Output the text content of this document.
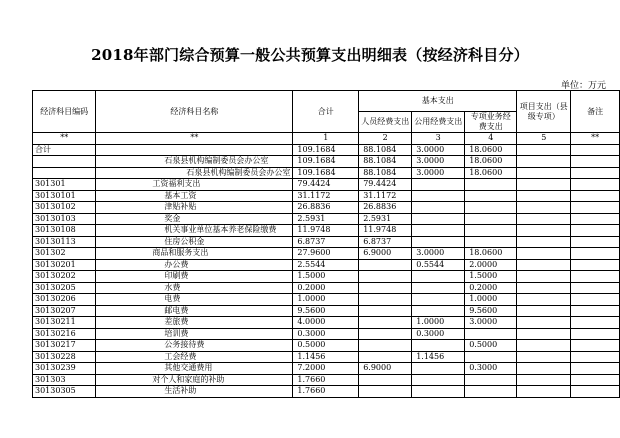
2018年部门综合预算一般公共预算支出明细表（按经济科目分）
单位：万元
经济科目编码	经济科目名称	合计	基本支出			项目支出（县级专项）	备注
			人员经费支出	公用经费支出	专项业务经费支出		
**	**	1	2	3	4	5	**
合计		109.1684	88.1084	3.0000	18.0600		
	石泉县机构编制委员会办公室	109.1684	88.1084	3.0000	18.0600		
	石泉县机构编制委员会办公室	109.1684	88.1084	3.0000	18.0600		
301301	工资福利支出	79.4424	79.4424				
30130101	基本工资	31.1172	31.1172				
30130102	津贴补贴	26.8836	26.8836				
30130103	奖金	2.5931	2.5931				
30130108	机关事业单位基本养老保险缴费	11.9748	11.9748				
30130113	住房公积金	6.8737	6.8737				
301302	商品和服务支出	27.9600	6.9000	3.0000	18.0600		
30130201	办公费	2.5544		0.5544	2.0000		
30130202	印刷费	1.5000			1.5000		
30130205	水费	0.2000			0.2000		
30130206	电费	1.0000			1.0000		
30130207	邮电费	9.5600			9.5600		
30130211	差旅费	4.0000		1.0000	3.0000		
30130216	培训费	0.3000		0.3000			
30130217	公务接待费	0.5000			0.5000		
30130228	工会经费	1.1456		1.1456			
30130239	其他交通费用	7.2000	6.9000		0.3000		
301303	对个人和家庭的补助	1.7660					
30130305	生活补助	1.7660					
